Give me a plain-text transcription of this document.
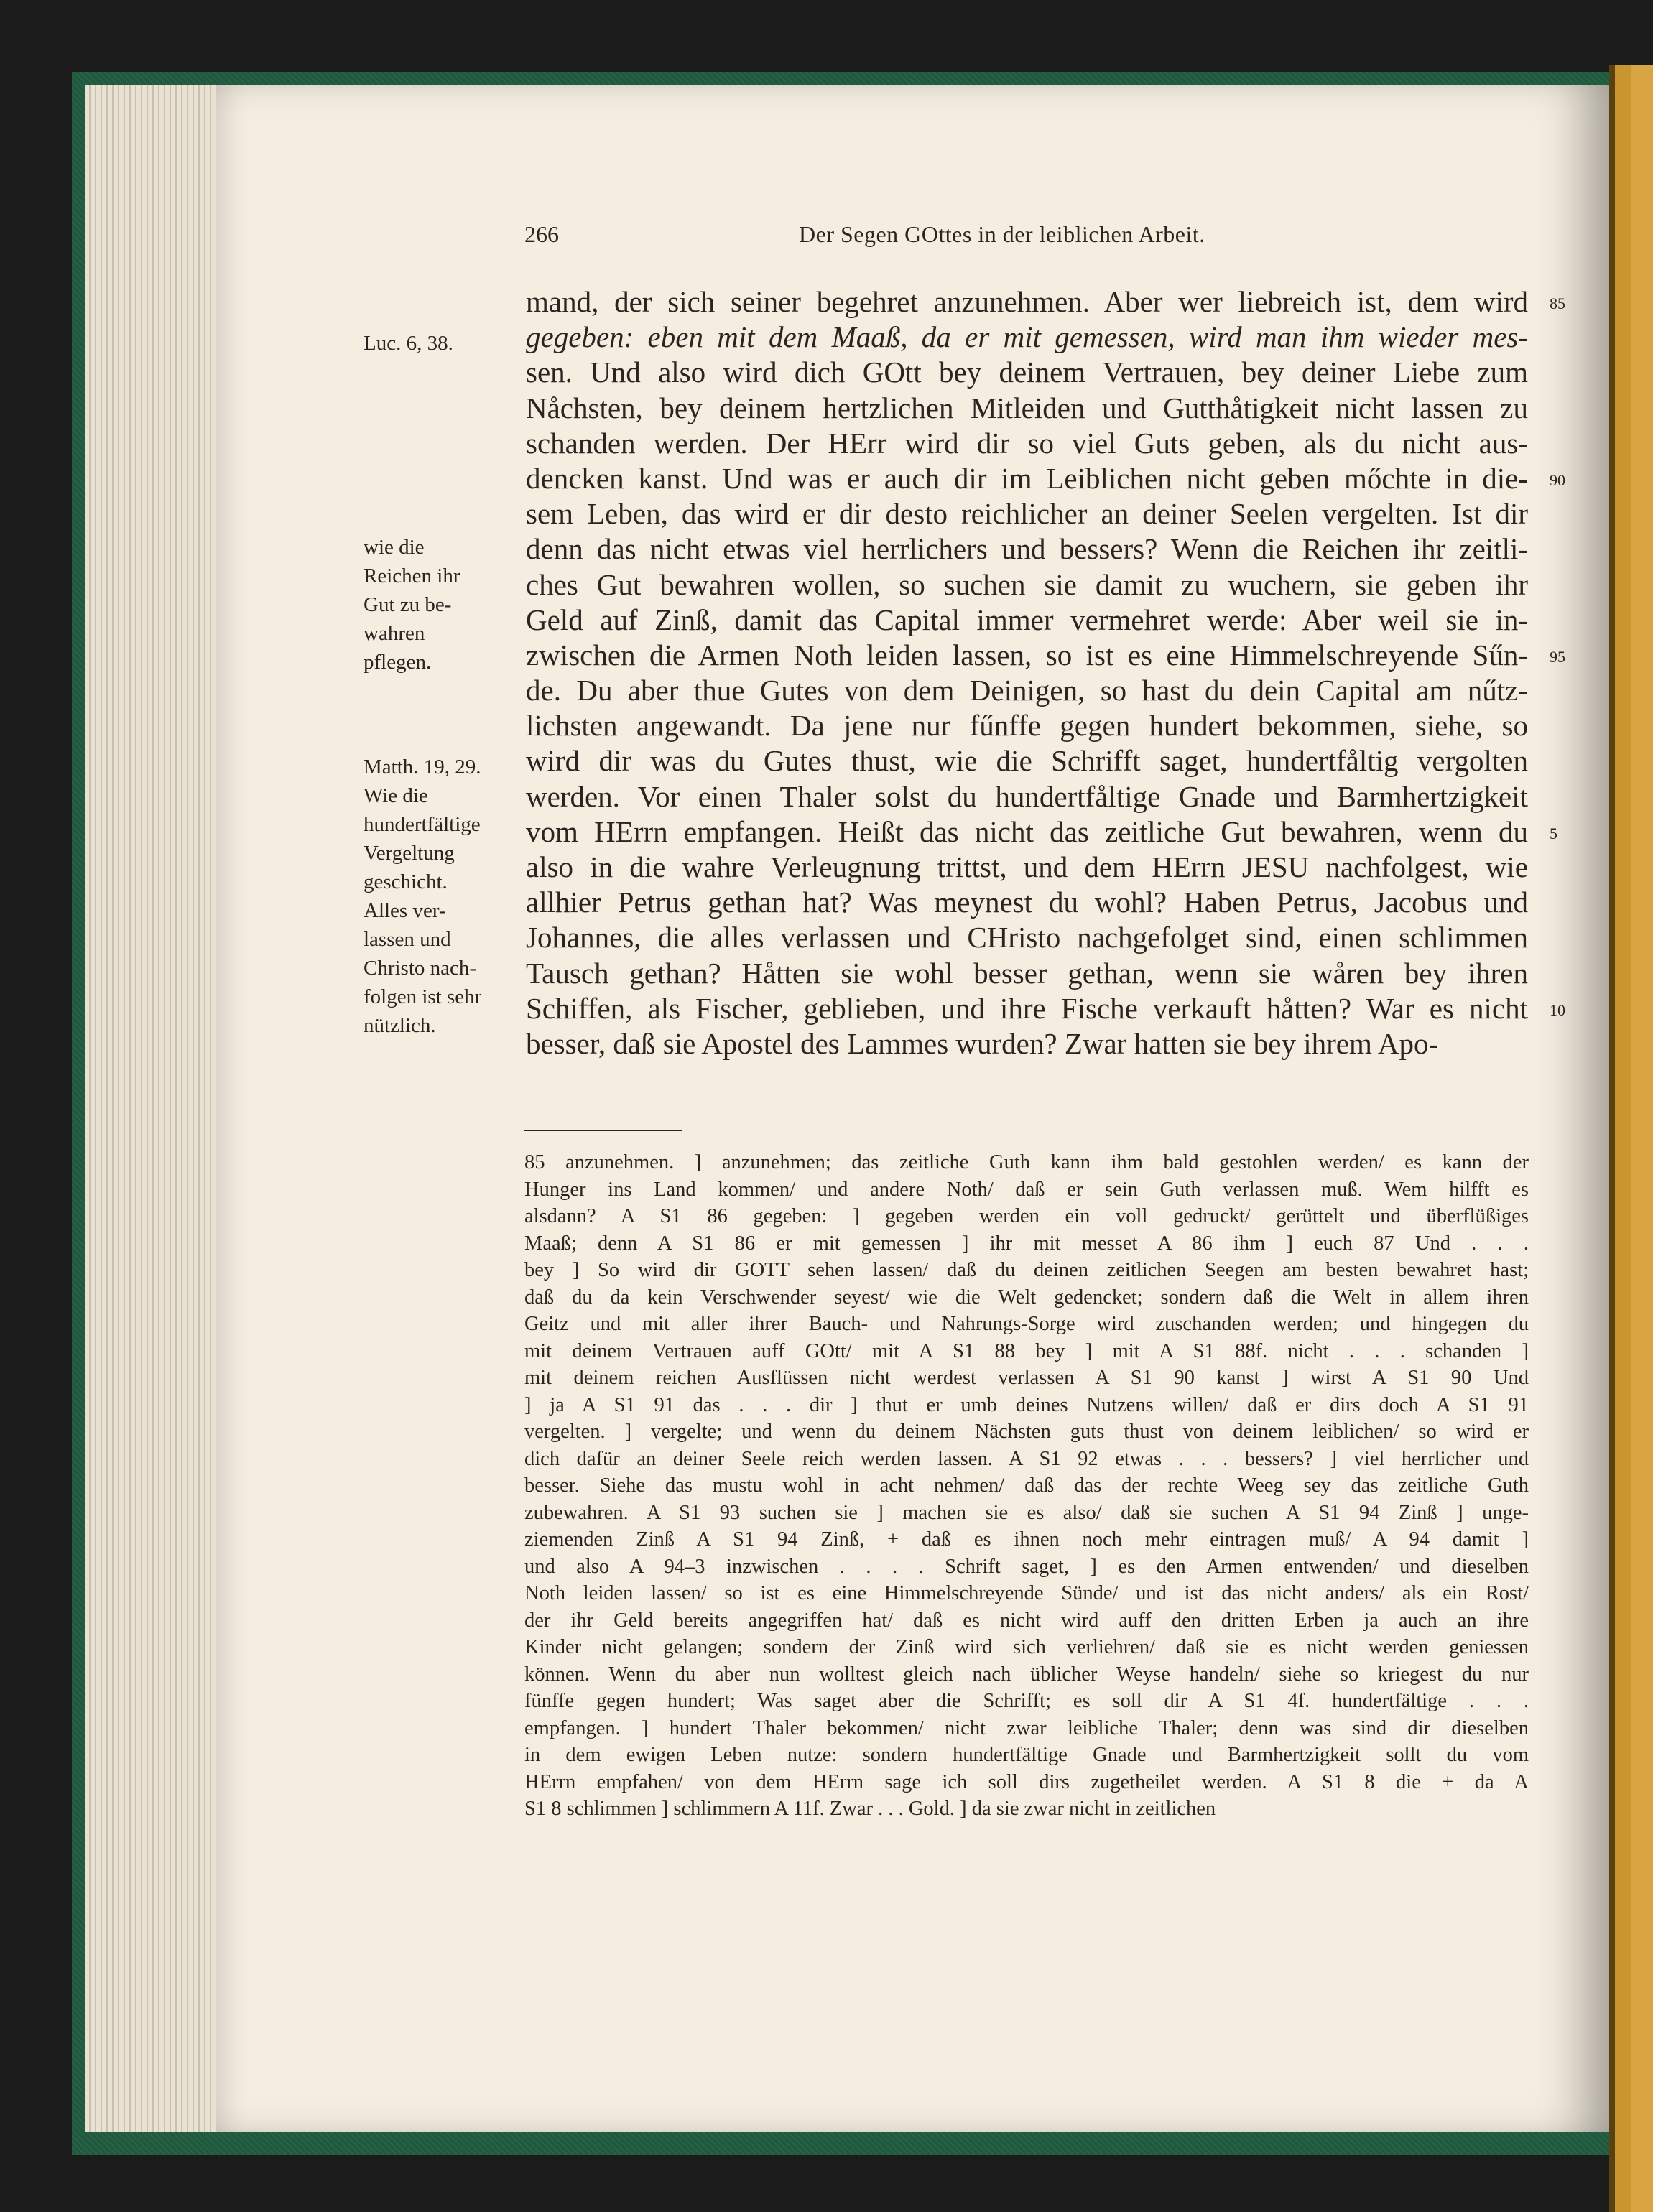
266	Der Segen GOttes in der leiblichen Arbeit.
Luc. 6, 38.
wie die
Reichen ihr
Gut zu be-
wahren
pflegen.
Matth. 19, 29.
Wie die
hundertfältige
Vergeltung
geschicht.
Alles ver-
lassen und
Christo nach-
folgen ist sehr
nützlich.
mand, der sich seiner begehret anzunehmen. Aber wer liebreich ist, dem wird
gegeben: eben mit dem Maaß, da er mit gemessen, wird man ihm wieder mes-
sen. Und also wird dich GOtt bey deinem Vertrauen, bey deiner Liebe zum
Nåchsten, bey deinem hertzlichen Mitleiden und Gutthåtigkeit nicht lassen zu
schanden werden. Der HErr wird dir so viel Guts geben, als du nicht aus-
dencken kanst. Und was er auch dir im Leiblichen nicht geben mőchte in die-
sem Leben, das wird er dir desto reichlicher an deiner Seelen vergelten. Ist dir
denn das nicht etwas viel herrlichers und bessers? Wenn die Reichen ihr zeitli-
ches Gut bewahren wollen, so suchen sie damit zu wuchern, sie geben ihr
Geld auf Zinß, damit das Capital immer vermehret werde: Aber weil sie in-
zwischen die Armen Noth leiden lassen, so ist es eine Himmelschreyende Sűn-
de. Du aber thue Gutes von dem Deinigen, so hast du dein Capital am nűtz-
lichsten angewandt. Da jene nur fűnffe gegen hundert bekommen, siehe, so
wird dir was du Gutes thust, wie die Schrifft saget, hundertfåltig vergolten
werden. Vor einen Thaler solst du hundertfåltige Gnade und Barmhertzigkeit
vom HErrn empfangen. Heißt das nicht das zeitliche Gut bewahren, wenn du
also in die wahre Verleugnung trittst, und dem HErrn JESU nachfolgest, wie
allhier Petrus gethan hat? Was meynest du wohl? Haben Petrus, Jacobus und
Johannes, die alles verlassen und CHristo nachgefolget sind, einen schlimmen
Tausch gethan? Håtten sie wohl besser gethan, wenn sie wåren bey ihren
Schiffen, als Fischer, geblieben, und ihre Fische verkauft håtten? War es nicht
besser, daß sie Apostel des Lammes wurden? Zwar hatten sie bey ihrem Apo-
85
90
95
5
10
85 anzunehmen. ] anzunehmen; das zeitliche Guth kann ihm bald gestohlen werden/ es kann der
Hunger ins Land kommen/ und andere Noth/ daß er sein Guth verlassen muß. Wem hilfft es
alsdann? A S1 86 gegeben: ] gegeben werden ein voll gedruckt/ gerüttelt und überflüßiges
Maaß; denn A S1 86 er mit gemessen ] ihr mit messet A 86 ihm ] euch 87 Und . . .
bey ] So wird dir GOTT sehen lassen/ daß du deinen zeitlichen Seegen am besten bewahret hast;
daß du da kein Verschwender seyest/ wie die Welt gedencket; sondern daß die Welt in allem ihren
Geitz und mit aller ihrer Bauch- und Nahrungs-Sorge wird zuschanden werden; und hingegen du
mit deinem Vertrauen auff GOtt/ mit A S1 88 bey ] mit A S1 88f. nicht . . . schanden ]
mit deinem reichen Ausflüssen nicht werdest verlassen A S1 90 kanst ] wirst A S1 90 Und
] ja A S1 91 das . . . dir ] thut er umb deines Nutzens willen/ daß er dirs doch A S1 91
vergelten. ] vergelte; und wenn du deinem Nächsten guts thust von deinem leiblichen/ so wird er
dich dafür an deiner Seele reich werden lassen. A S1 92 etwas . . . bessers? ] viel herrlicher und
besser. Siehe das mustu wohl in acht nehmen/ daß das der rechte Weeg sey das zeitliche Guth
zubewahren. A S1 93 suchen sie ] machen sie es also/ daß sie suchen A S1 94 Zinß ] unge-
ziemenden Zinß A S1 94 Zinß, + daß es ihnen noch mehr eintragen muß/ A 94 damit ]
und also A 94–3 inzwischen . . . . Schrift saget, ] es den Armen entwenden/ und dieselben
Noth leiden lassen/ so ist es eine Himmelschreyende Sünde/ und ist das nicht anders/ als ein Rost/
der ihr Geld bereits angegriffen hat/ daß es nicht wird auff den dritten Erben ja auch an ihre
Kinder nicht gelangen; sondern der Zinß wird sich verliehren/ daß sie es nicht werden geniessen
können. Wenn du aber nun wolltest gleich nach üblicher Weyse handeln/ siehe so kriegest du nur
fünffe gegen hundert; Was saget aber die Schrifft; es soll dir A S1 4f. hundertfältige . . .
empfangen. ] hundert Thaler bekommen/ nicht zwar leibliche Thaler; denn was sind dir dieselben
in dem ewigen Leben nutze: sondern hundertfältige Gnade und Barmhertzigkeit sollt du vom
HErrn empfahen/ von dem HErrn sage ich soll dirs zugetheilet werden. A S1 8 die + da A
S1 8 schlimmen ] schlimmern A 11f. Zwar . . . Gold. ] da sie zwar nicht in zeitlichen
